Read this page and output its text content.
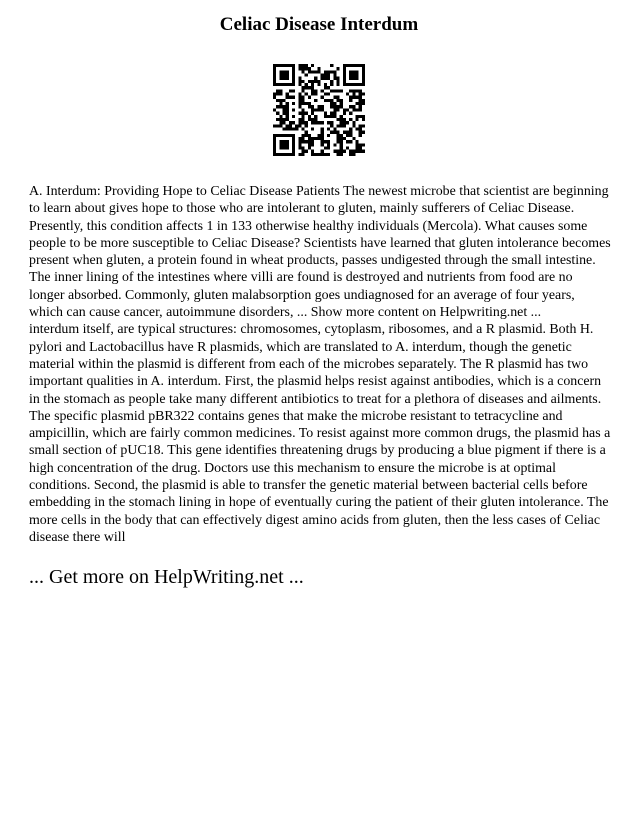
Celiac Disease Interdum

A. Interdum: Providing Hope to Celiac Disease Patients The newest microbe that scientist are beginning to learn about gives hope to those who are intolerant to gluten, mainly sufferers of Celiac Disease. Presently, this condition affects 1 in 133 otherwise healthy individuals (Mercola). What causes some people to be more susceptible to Celiac Disease? Scientists have learned that gluten intolerance becomes present when gluten, a protein found in wheat products, passes undigested through the small intestine. The inner lining of the intestines where villi are found is destroyed and nutrients from food are no longer absorbed. Commonly, gluten malabsorption goes undiagnosed for an average of four years, which can cause cancer, autoimmune disorders, ... Show more content on Helpwriting.net ...

interdum itself, are typical structures: chromosomes, cytoplasm, ribosomes, and a R plasmid. Both H. pylori and Lactobacillus have R plasmids, which are translated to A. interdum, though the genetic material within the plasmid is different from each of the microbes separately. The R plasmid has two important qualities in A. interdum. First, the plasmid helps resist against antibodies, which is a concern in the stomach as people take many different antibiotics to treat for a plethora of diseases and ailments. The specific plasmid pBR322 contains genes that make the microbe resistant to tetracycline and ampicillin, which are fairly common medicines. To resist against more common drugs, the plasmid has a small section of pUC18. This gene identifies threatening drugs by producing a blue pigment if there is a high concentration of the drug. Doctors use this mechanism to ensure the microbe is at optimal conditions. Second, the plasmid is able to transfer the genetic material between bacterial cells before embedding in the stomach lining in hope of eventually curing the patient of their gluten intolerance. The more cells in the body that can effectively digest amino acids from gluten, then the less cases of Celiac disease there will

... Get more on HelpWriting.net ...
